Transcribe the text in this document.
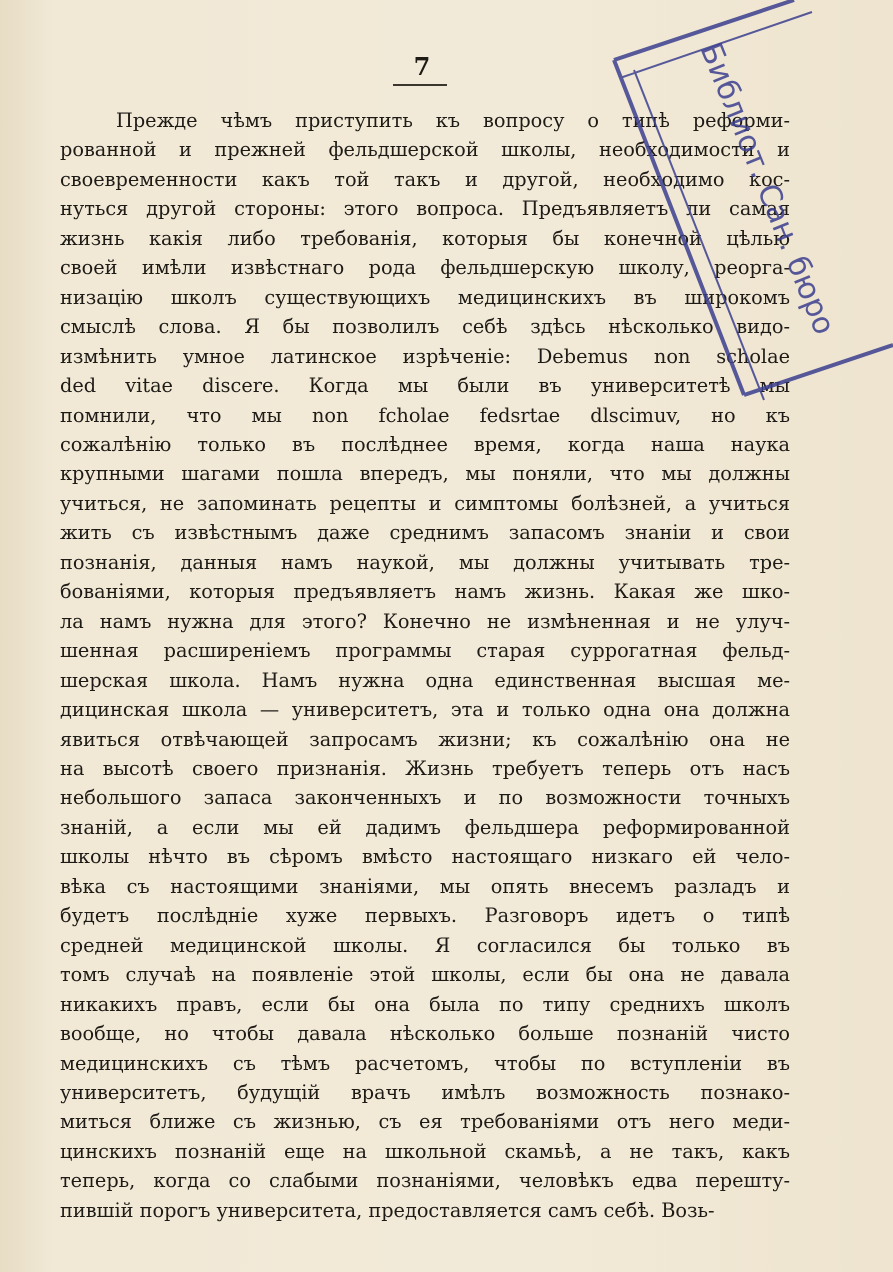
7
Прежде чѣмъ приступить къ вопросу о типѣ реформи-
рованной и прежней фельдшерской школы, необходимости и
своевременности какъ той такъ и другой, необходимо кос-
нуться другой стороны: этого вопроса. Предъявляетъ ли самая
жизнь какія либо требованія, которыя бы конечной цѣлью
своей имѣли извѣстнаго рода фельдшерскую школу, реорга-
низацію школъ существующихъ медицинскихъ въ широкомъ
смыслѣ слова. Я бы позволилъ себѣ здѣсь нѣсколько видо-
измѣнить умное латинское изрѣченіе: Debemus non scholae
ded vitae discere. Когда мы были въ университетѣ мы
помнили, что мы non fcholae fedsrtae dlscimuv, но къ
сожалѣнію только въ послѣднее время, когда наша наука
крупными шагами пошла впередъ, мы поняли, что мы должны
учиться, не запоминать рецепты и симптомы болѣзней, а учиться
жить съ извѣстнымъ даже среднимъ запасомъ знаніи и свои
познанія, данныя намъ наукой, мы должны учитывать тре-
бованіями, которыя предъявляетъ намъ жизнь. Какая же шко-
ла намъ нужна для этого? Конечно не измѣненная и не улуч-
шенная расширеніемъ программы старая суррогатная фельд-
шерская школа. Намъ нужна одна единственная высшая ме-
дицинская школа — университетъ, эта и только одна она должна
явиться отвѣчающей запросамъ жизни; къ сожалѣнію она не
на высотѣ своего признанія. Жизнь требуетъ теперь отъ насъ
небольшого запаса законченныхъ и по возможности точныхъ
знаній, а если мы ей дадимъ фельдшера реформированной
школы нѣчто въ сѣромъ вмѣсто настоящаго низкаго ей чело-
вѣка съ настоящими знаніями, мы опять внесемъ разладъ и
будетъ послѣдніе хуже первыхъ. Разговоръ идетъ о типѣ
средней медицинской школы. Я согласился бы только въ
томъ случаѣ на появленіе этой школы, если бы она не давала
никакихъ правъ, если бы она была по типу среднихъ школъ
вообще, но чтобы давала нѣсколько больше познаній чисто
медицинскихъ съ тѣмъ расчетомъ, чтобы по вступленіи въ
университетъ, будущій врачъ имѣлъ возможность познако-
миться ближе съ жизнью, съ ея требованіями отъ него меди-
цинскихъ познаній еще на школьной скамьѣ, а не такъ, какъ
теперь, когда со слабыми познаніями, человѣкъ едва перешту-
пившій порогъ университета, предоставляется самъ себѣ. Возь-
Библиот. Сан. бюро
